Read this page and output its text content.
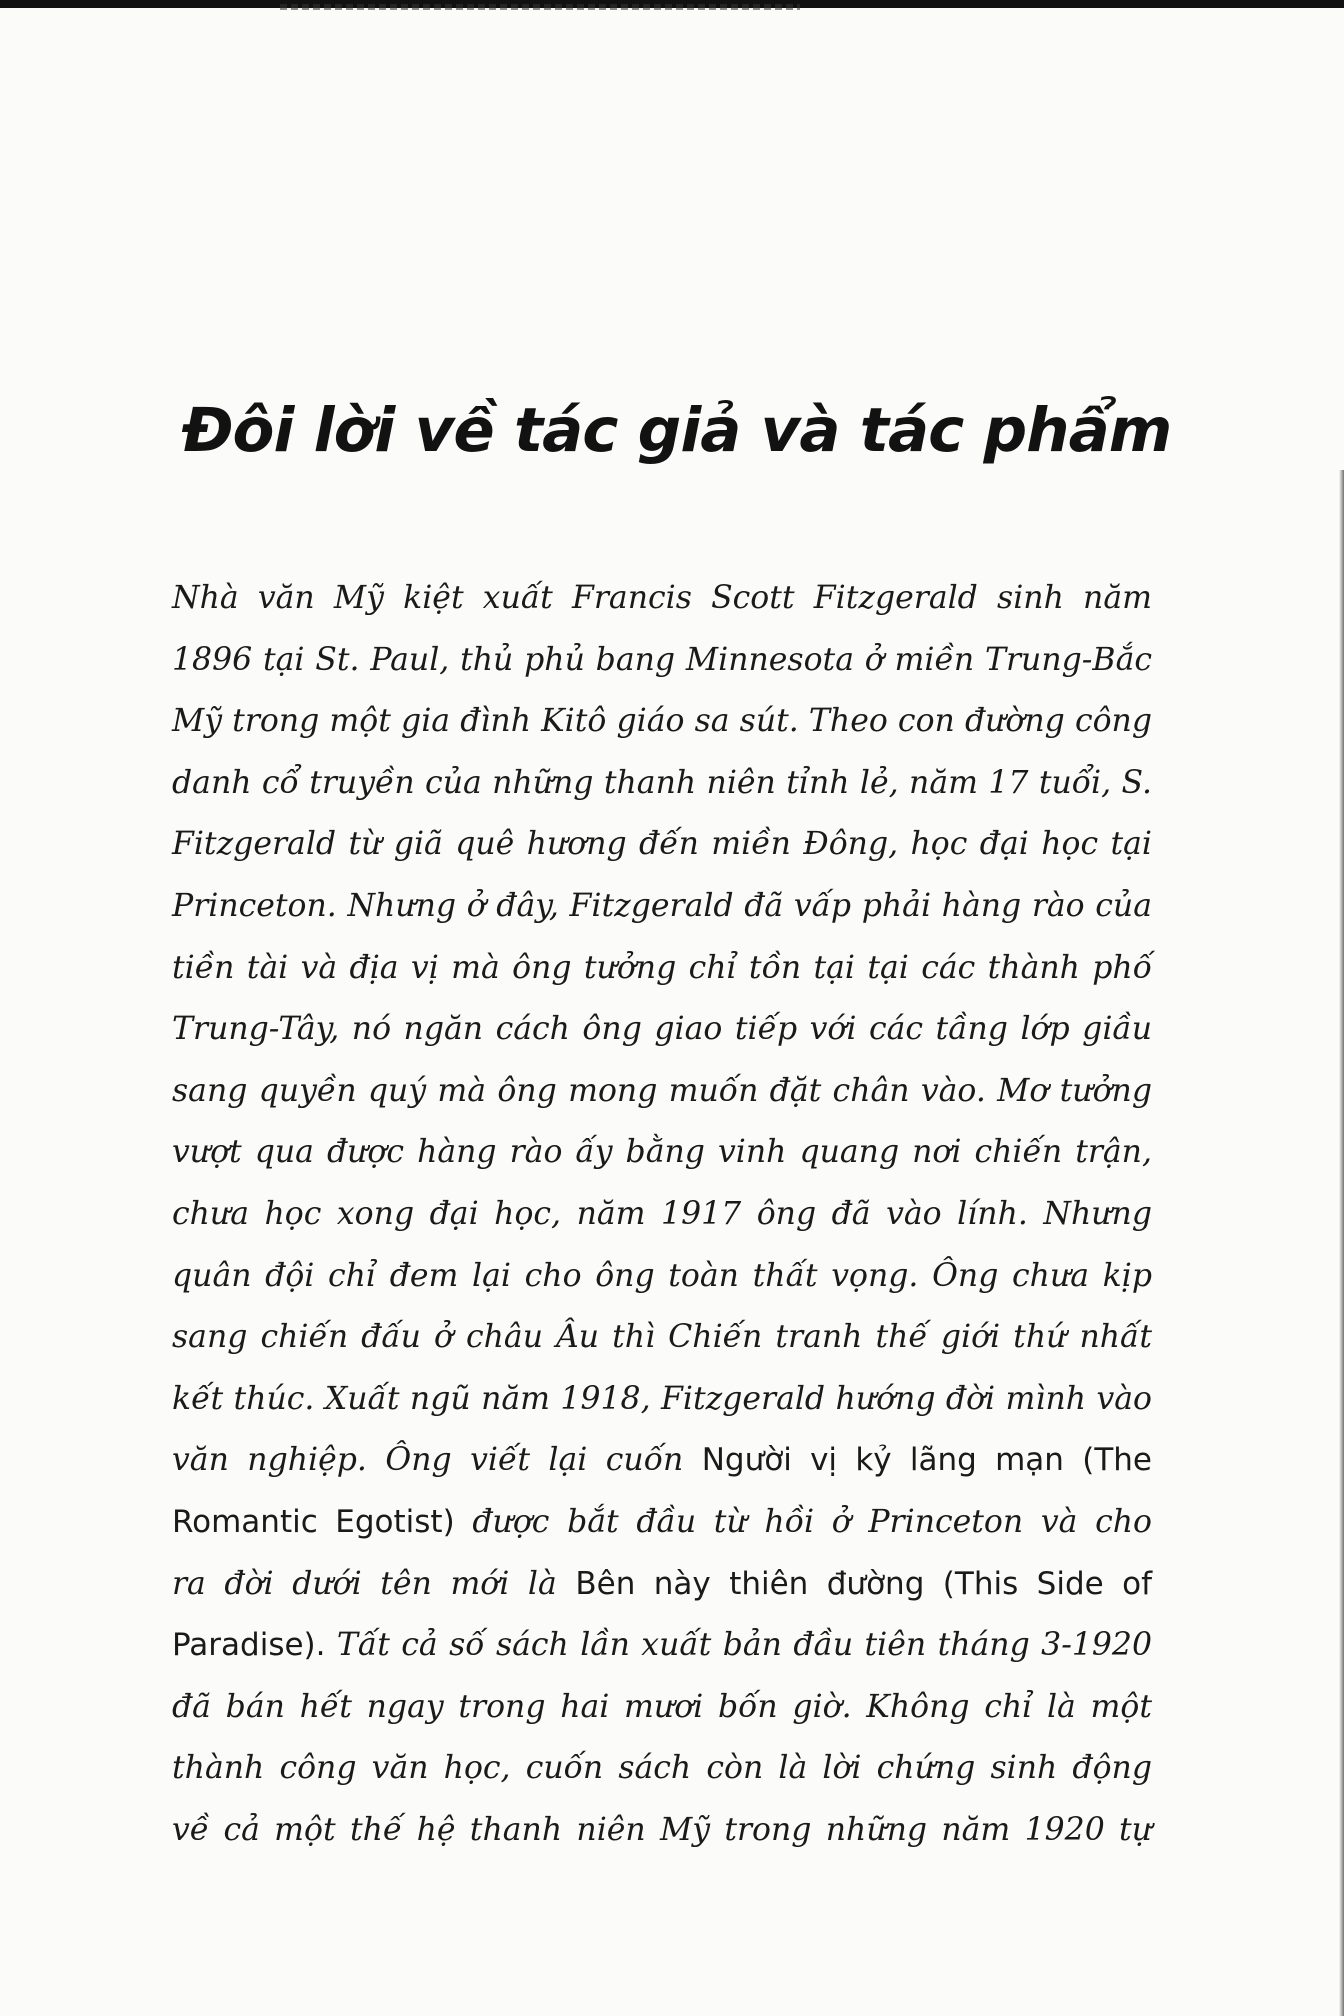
Đôi lời về tác giả và tác phẩm
Nhà văn Mỹ kiệt xuất Francis Scott Fitzgerald sinh năm
1896 tại St. Paul, thủ phủ bang Minnesota ở miền Trung-Bắc
Mỹ trong một gia đình Kitô giáo sa sút. Theo con đường công
danh cổ truyền của những thanh niên tỉnh lẻ, năm 17 tuổi, S.
Fitzgerald từ giã quê hương đến miền Đông, học đại học tại
Princeton. Nhưng ở đây, Fitzgerald đã vấp phải hàng rào của
tiền tài và địa vị mà ông tưởng chỉ tồn tại tại các thành phố
Trung-Tây, nó ngăn cách ông giao tiếp với các tầng lớp giầu
sang quyền quý mà ông mong muốn đặt chân vào. Mơ tưởng
vượt qua được hàng rào ấy bằng vinh quang nơi chiến trận,
chưa học xong đại học, năm 1917 ông đã vào lính. Nhưng
quân đội chỉ đem lại cho ông toàn thất vọng. Ông chưa kịp
sang chiến đấu ở châu Âu thì Chiến tranh thế giới thứ nhất
kết thúc. Xuất ngũ năm 1918, Fitzgerald hướng đời mình vào
văn nghiệp. Ông viết lại cuốn Người vị kỷ lãng mạn (The
Romantic Egotist) được bắt đầu từ hồi ở Princeton và cho
ra đời dưới tên mới là Bên này thiên đường (This Side of
Paradise). Tất cả số sách lần xuất bản đầu tiên tháng 3-1920
đã bán hết ngay trong hai mươi bốn giờ. Không chỉ là một
thành công văn học, cuốn sách còn là lời chứng sinh động
về cả một thế hệ thanh niên Mỹ trong những năm 1920 tự
